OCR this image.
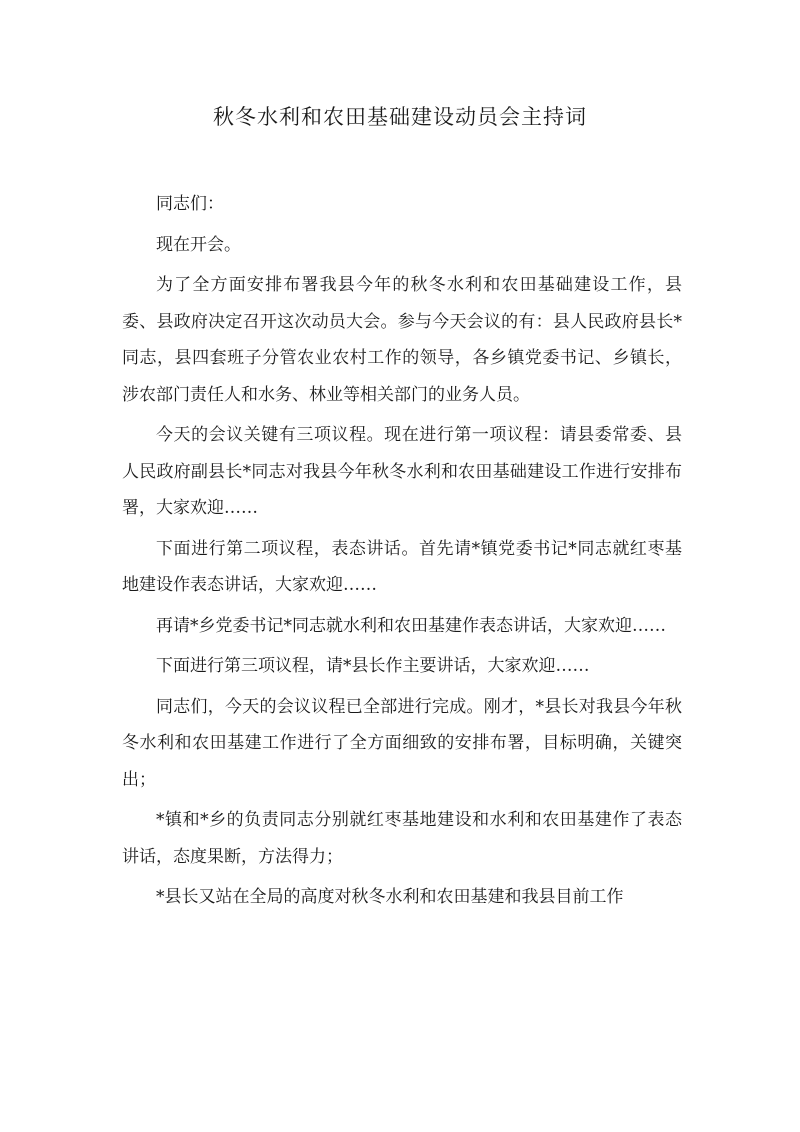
秋冬水利和农田基础建设动员会主持词

同志们：

现在开会。

为了全方面安排布署我县今年的秋冬水利和农田基础建设工作，县委、县政府决定召开这次动员大会。参与今天会议的有：县人民政府县长*同志，县四套班子分管农业农村工作的领导，各乡镇党委书记、乡镇长，涉农部门责任人和水务、林业等相关部门的业务人员。

今天的会议关键有三项议程。现在进行第一项议程：请县委常委、县人民政府副县长*同志对我县今年秋冬水利和农田基础建设工作进行安排布署，大家欢迎……

下面进行第二项议程，表态讲话。首先请*镇党委书记*同志就红枣基地建设作表态讲话，大家欢迎……

再请*乡党委书记*同志就水利和农田基建作表态讲话，大家欢迎……

下面进行第三项议程，请*县长作主要讲话，大家欢迎……

同志们，今天的会议议程已全部进行完成。刚才，*县长对我县今年秋冬水利和农田基建工作进行了全方面细致的安排布署，目标明确，关键突出；

*镇和*乡的负责同志分别就红枣基地建设和水利和农田基建作了表态讲话，态度果断，方法得力；

*县长又站在全局的高度对秋冬水利和农田基建和我县目前工作
